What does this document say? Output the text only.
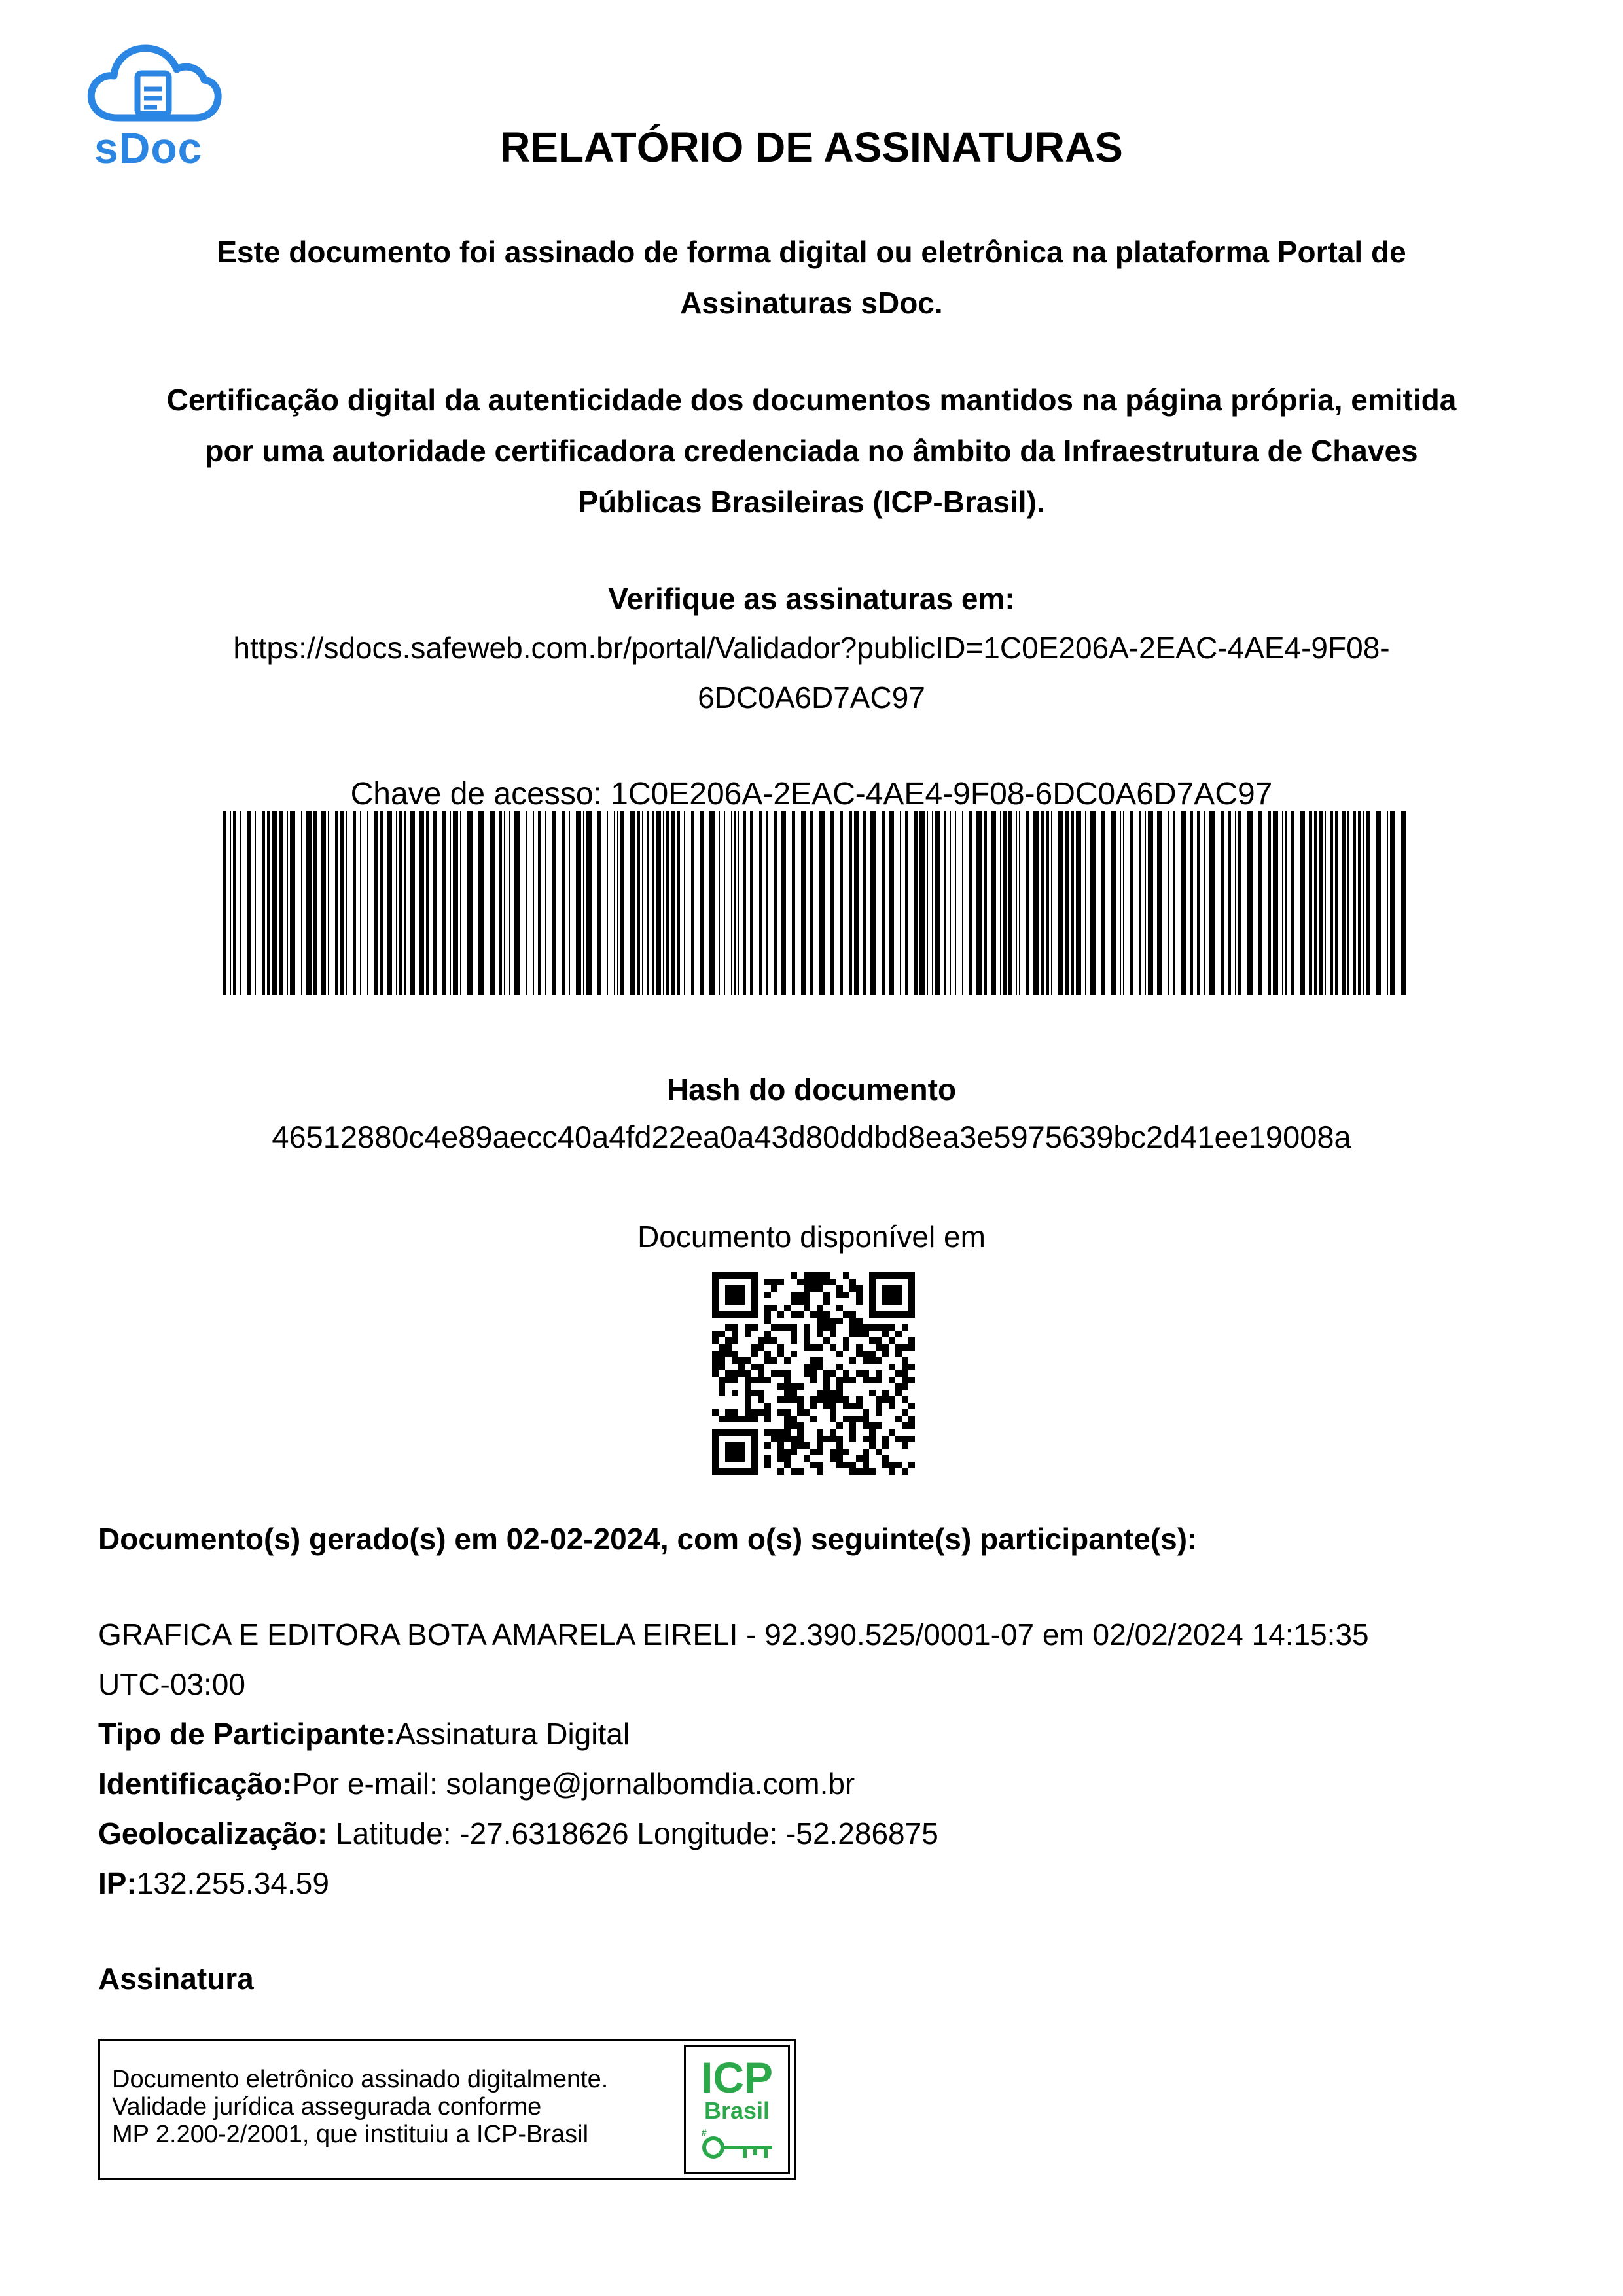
sDoc	RELATÓRIO DE ASSINATURAS
Este documento foi assinado de forma digital ou eletrônica na plataforma Portal de
Assinaturas sDoc.
Certificação digital da autenticidade dos documentos mantidos na página própria, emitida
por uma autoridade certificadora credenciada no âmbito da Infraestrutura de Chaves
Públicas Brasileiras (ICP-Brasil).
Verifique as assinaturas em:
https://sdocs.safeweb.com.br/portal/Validador?publicID=1C0E206A-2EAC-4AE4-9F08-
6DC0A6D7AC97
Chave de acesso: 1C0E206A-2EAC-4AE4-9F08-6DC0A6D7AC97
Hash do documento
46512880c4e89aecc40a4fd22ea0a43d80ddbd8ea3e5975639bc2d41ee19008a
Documento disponível em
Documento(s) gerado(s) em 02-02-2024, com o(s) seguinte(s) participante(s):
GRAFICA E EDITORA BOTA AMARELA EIRELI - 92.390.525/0001-07 em 02/02/2024 14:15:35
UTC-03:00
Tipo de Participante:Assinatura Digital
Identificação:Por e-mail: solange@jornalbomdia.com.br
Geolocalização: Latitude: -27.6318626 Longitude: -52.286875
IP:132.255.34.59
Assinatura
Documento eletrônico assinado digitalmente.
Validade jurídica assegurada conforme
MP 2.200-2/2001, que instituiu a ICP-Brasil
ICP
Brasil
#
